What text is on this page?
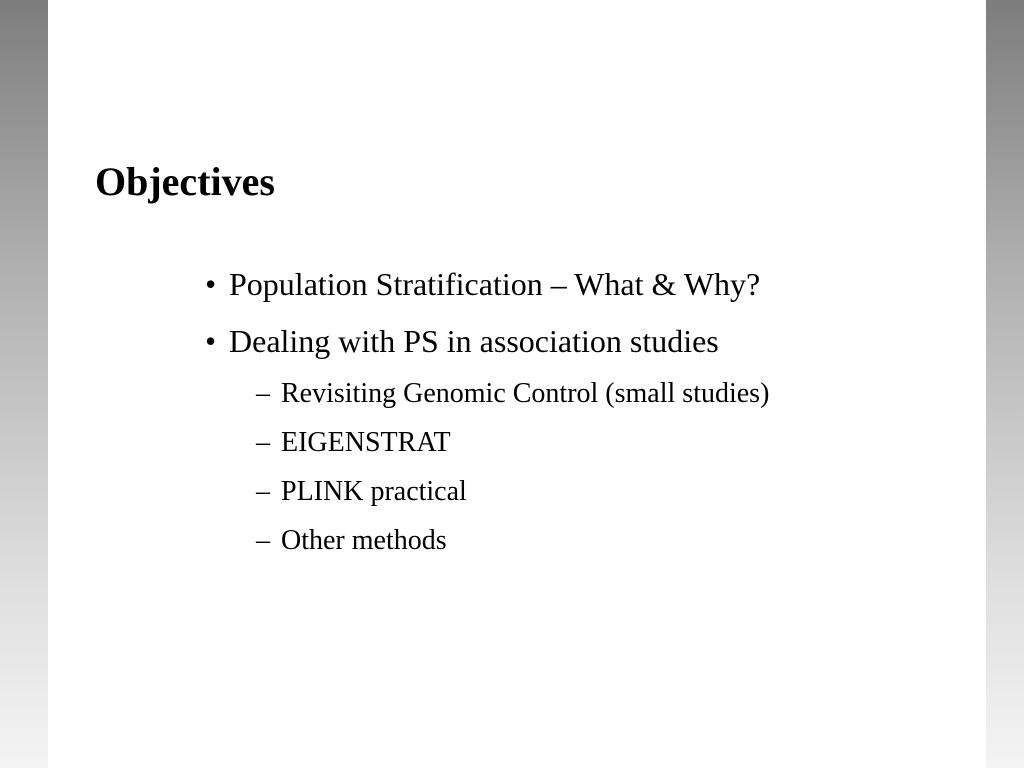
Objectives
• Population Stratification – What & Why?
• Dealing with PS in association studies
– Revisiting Genomic Control (small studies)
– EIGENSTRAT
– PLINK practical
– Other methods
